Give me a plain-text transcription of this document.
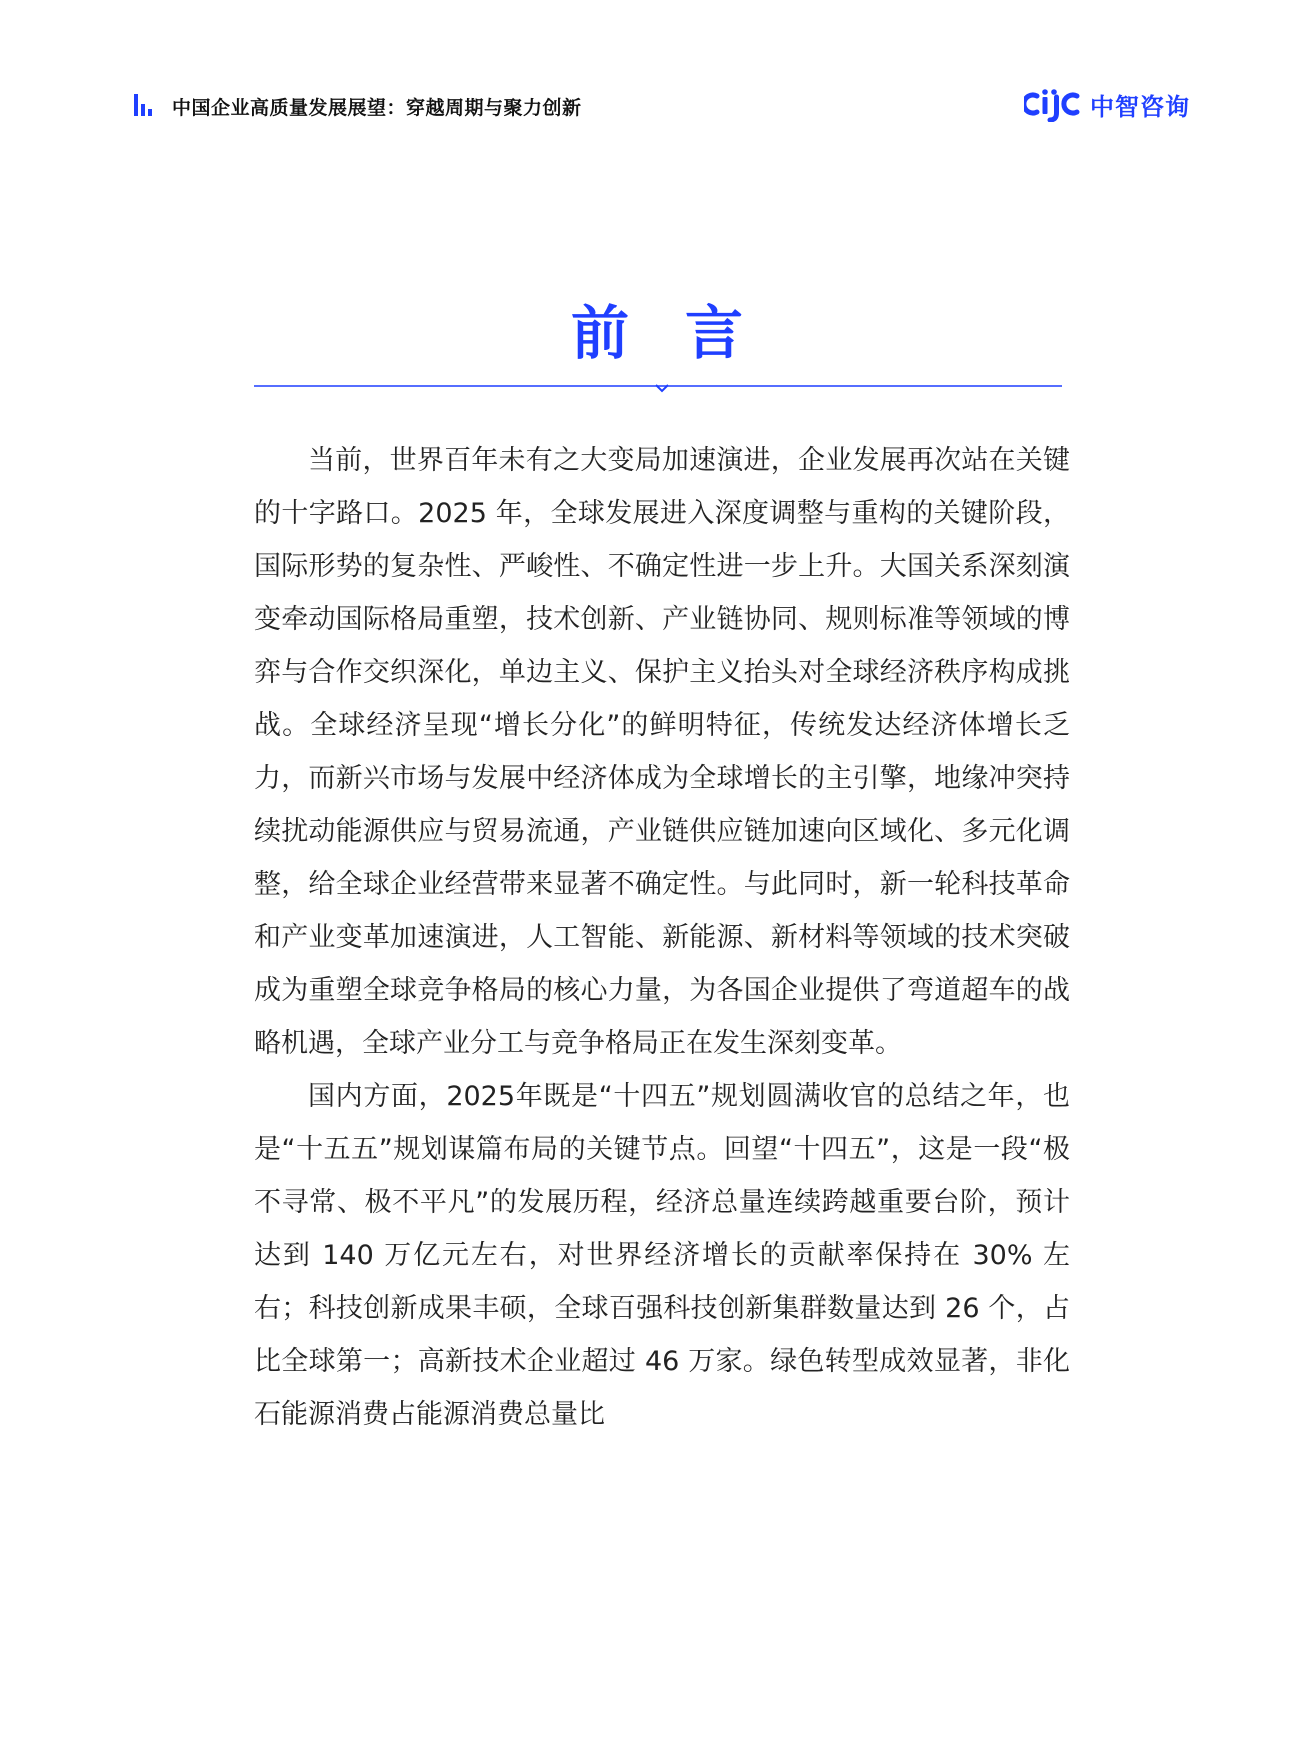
中国企业高质量发展展望：穿越周期与聚力创新	中智咨询
前言

当前，世界百年未有之大变局加速演进，企业发展再次站在关键的十字路口。2025 年，全球发展进入深度调整与重构的关键阶段，国际形势的复杂性、严峻性、不确定性进一步上升。大国关系深刻演变牵动国际格局重塑，技术创新、产业链协同、规则标准等领域的博弈与合作交织深化，单边主义、保护主义抬头对全球经济秩序构成挑战。全球经济呈现“增长分化”的鲜明特征，传统发达经济体增长乏力，而新兴市场与发展中经济体成为全球增长的主引擎，地缘冲突持续扰动能源供应与贸易流通，产业链供应链加速向区域化、多元化调整，给全球企业经营带来显著不确定性。与此同时，新一轮科技革命和产业变革加速演进，人工智能、新能源、新材料等领域的技术突破成为重塑全球竞争格局的核心力量，为各国企业提供了弯道超车的战略机遇，全球产业分工与竞争格局正在发生深刻变革。

国内方面，2025年既是“十四五”规划圆满收官的总结之年，也是“十五五”规划谋篇布局的关键节点。回望“十四五”，这是一段“极不寻常、极不平凡”的发展历程，经济总量连续跨越重要台阶，预计达到 140 万亿元左右，对世界经济增长的贡献率保持在 30% 左右；科技创新成果丰硕，全球百强科技创新集群数量达到 26 个，占比全球第一；高新技术企业超过 46 万家。绿色转型成效显著，非化石能源消费占能源消费总量比
